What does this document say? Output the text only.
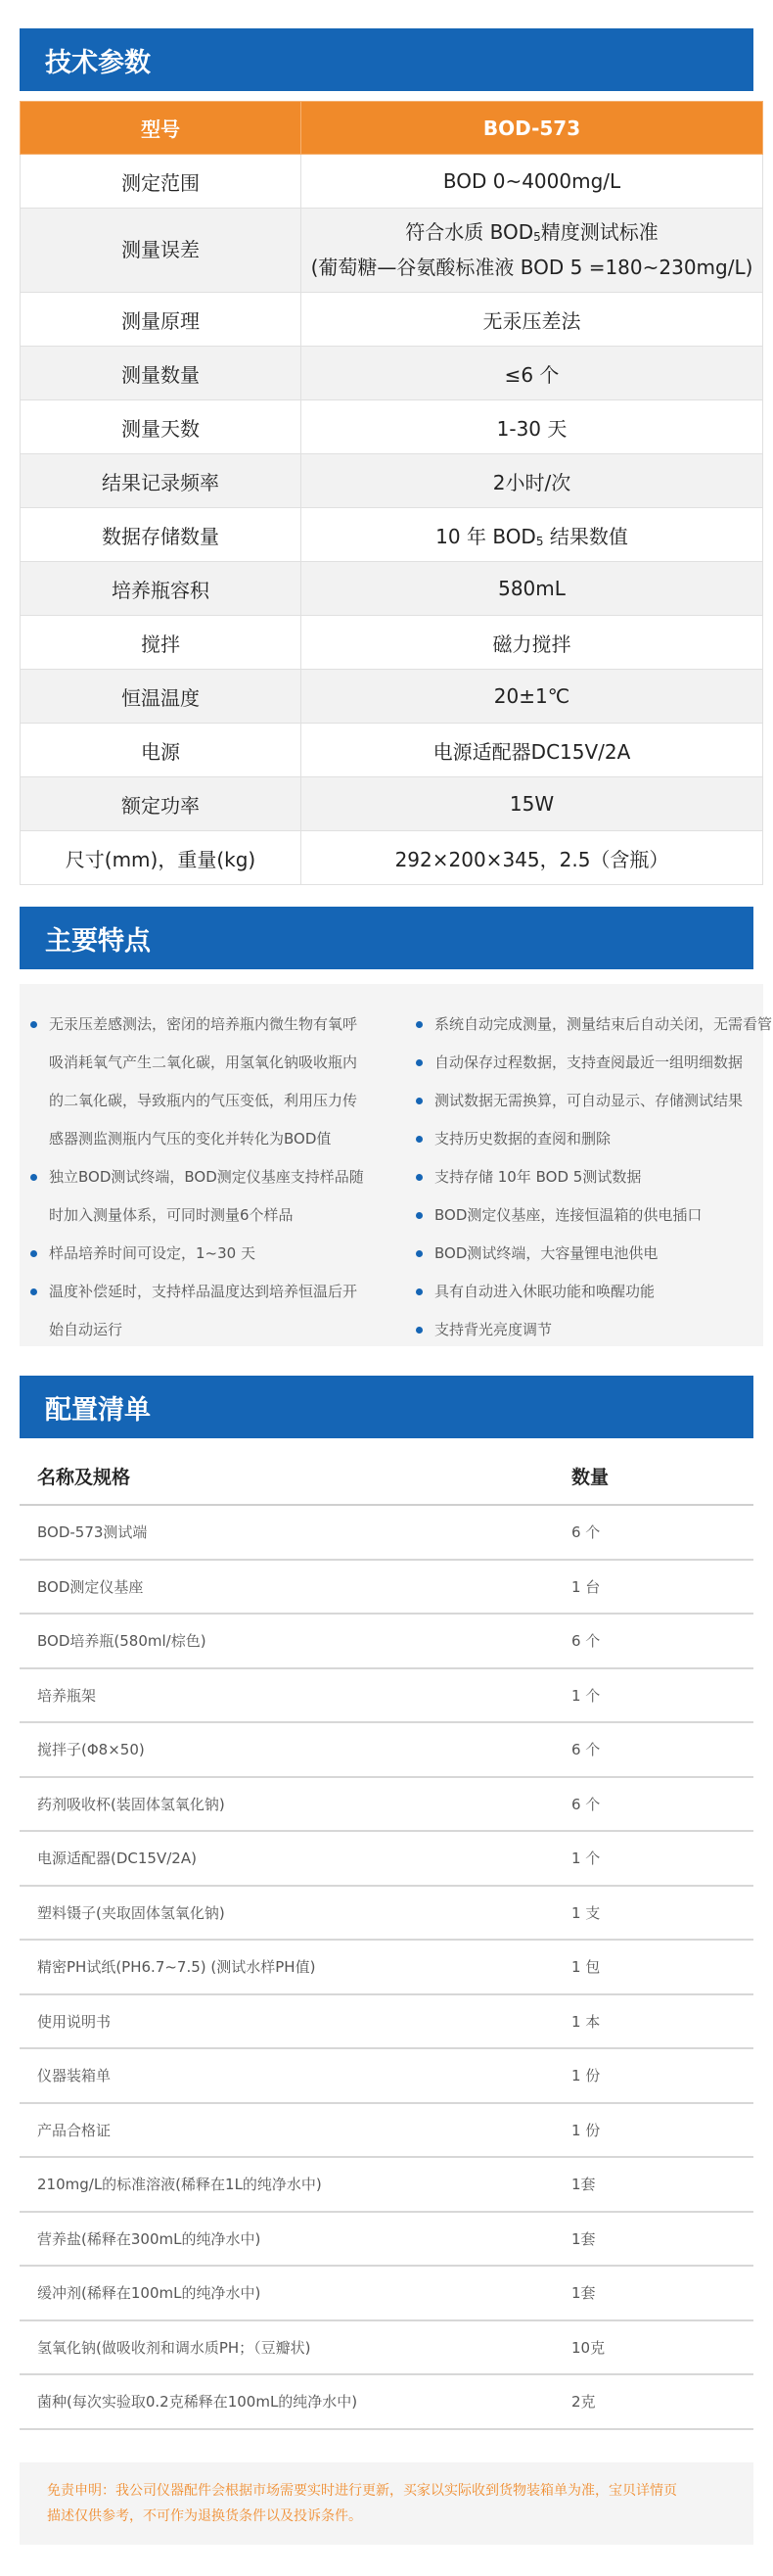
技术参数
型号	BOD-573
测定范围	BOD 0~4000mg/L
测量误差	符合水质 $BOD_5$精度测试标准
(葡萄糖—谷氨酸标准液 BOD 5 =180~230mg/L)
测量原理	无汞压差法
测量数量	≤6 个
测量天数	1-30 天
结果记录频率	2小时/次
数据存储数量	10 年 $BOD_5$ 结果数值
培养瓶容积	580mL
搅拌	磁力搅拌
恒温温度	20±1℃
电源	电源适配器DC15V/2A
额定功率	15W
尺寸(mm)，重量(kg)	292×200×345，2.5（含瓶）
主要特点
无汞压差感测法，密闭的培养瓶内微生物有氧呼
吸消耗氧气产生二氧化碳，用氢氧化钠吸收瓶内
的二氧化碳，导致瓶内的气压变低，利用压力传
感器测监测瓶内气压的变化并转化为BOD值
独立BOD测试终端，BOD测定仪基座支持样品随
时加入测量体系，可同时测量6个样品
样品培养时间可设定，1~30 天
温度补偿延时，支持样品温度达到培养恒温后开
始自动运行
系统自动完成测量，测量结束后自动关闭，无需看管
自动保存过程数据，支持查阅最近一组明细数据
测试数据无需换算，可自动显示、存储测试结果
支持历史数据的查阅和删除
支持存储 10年 BOD 5测试数据
BOD测定仪基座，连接恒温箱的供电插口
BOD测试终端，大容量锂电池供电
具有自动进入休眠功能和唤醒功能
支持背光亮度调节
配置清单
名称及规格	数量
BOD-573测试端	6 个
BOD测定仪基座	1 台
BOD培养瓶(580ml/棕色)	6 个
培养瓶架	1 个
搅拌子(Φ8×50)	6 个
药剂吸收杯(装固体氢氧化钠)	6 个
电源适配器(DC15V/2A)	1 个
塑料镊子(夹取固体氢氧化钠)	1 支
精密PH试纸(PH6.7~7.5) (测试水样PH值)	1 包
使用说明书	1 本
仪器装箱单	1 份
产品合格证	1 份
210mg/L的标准溶液(稀释在1L的纯净水中)	1套
营养盐(稀释在300mL的纯净水中)	1套
缓冲剂(稀释在100mL的纯净水中)	1套
氢氧化钠(做吸收剂和调水质PH；（豆瓣状)	10克
菌种(每次实验取0.2克稀释在100mL的纯净水中)	2克
免责申明：我公司仪器配件会根据市场需要实时进行更新，买家以实际收到货物装箱单为准，宝贝详情页
描述仅供参考，不可作为退换货条件以及投诉条件。
